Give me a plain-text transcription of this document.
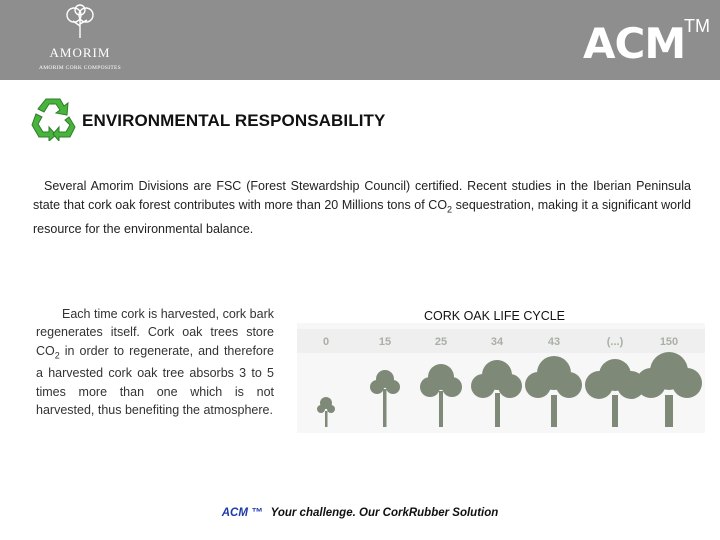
AMORIM
AMORIM CORK COMPOSITES	ACM
TM
ENVIRONMENTAL RESPONSABILITY

Several Amorim Divisions are FSC (Forest Stewardship Council) certified. Recent studies in the Iberian Peninsula state that cork oak forest contributes with more than 20 Millions tons of $CO_2$ sequestration, making it a significant world resource for the environmental balance.

Each time cork is harvested, cork bark regenerates itself. Cork oak trees store $CO_2$ in order to regenerate, and therefore a harvested cork oak tree absorbs 3 to 5 times more than one which is not harvested, thus benefiting the atmosphere.

CORK OAK LIFE CYCLE
0	15	25	34	43	(...)	150
ACM ™ Your challenge. Our CorkRubber Solution
